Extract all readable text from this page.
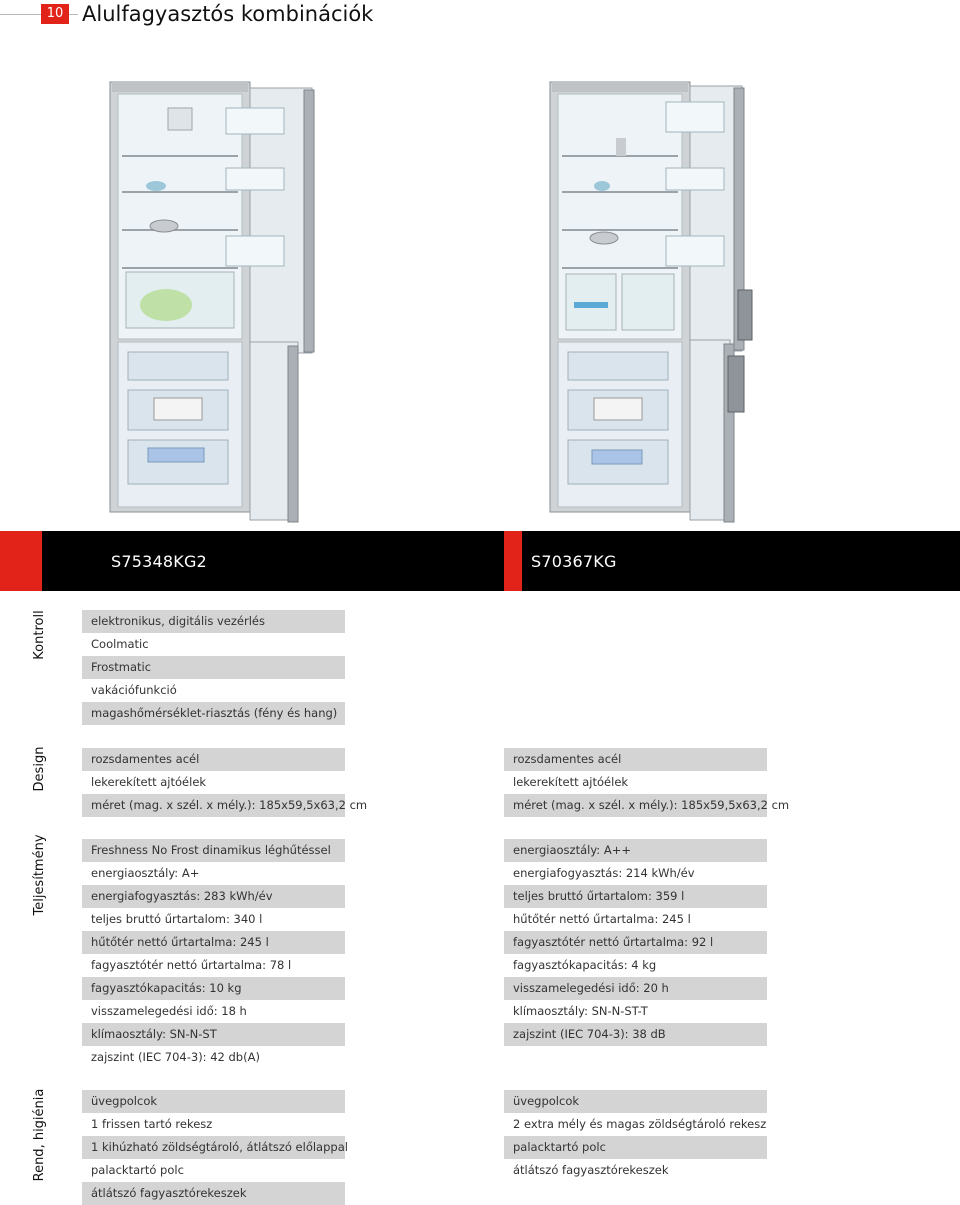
10 Alulfagyasztós kombinációk
S75348KG2	S70367KG
Kontroll
Design
Teljesítmény
Rend, higiénia
elektronikus, digitális vezérlés
Coolmatic
Frostmatic
vakációfunkció
magashőmérséklet-riasztás (fény és hang)
rozsdamentes acél
lekerekített ajtóélek
méret (mag. x szél. x mély.): 185x59,5x63,2 cm
rozsdamentes acél
lekerekített ajtóélek
méret (mag. x szél. x mély.): 185x59,5x63,2 cm
Freshness No Frost dinamikus léghűtéssel
energiaosztály: A+
energiafogyasztás: 283 kWh/év
teljes bruttó űrtartalom: 340 l
hűtőtér nettó űrtartalma: 245 l
fagyasztótér nettó űrtartalma: 78 l
fagyasztókapacitás: 10 kg
visszamelegedési idő: 18 h
klímaosztály: SN-N-ST
zajszint (IEC 704-3): 42 db(A)
energiaosztály: A++
energiafogyasztás: 214 kWh/év
teljes bruttó űrtartalom: 359 l
hűtőtér nettó űrtartalma: 245 l
fagyasztótér nettó űrtartalma: 92 l
fagyasztókapacitás: 4 kg
visszamelegedési idő: 20 h
klímaosztály: SN-N-ST-T
zajszint (IEC 704-3): 38 dB
üvegpolcok
1 frissen tartó rekesz
1 kihúzható zöldségtároló, átlátszó előlappal
palacktartó polc
átlátszó fagyasztórekeszek
üvegpolcok
2 extra mély és magas zöldségtároló rekesz
palacktartó polc
átlátszó fagyasztórekeszek
